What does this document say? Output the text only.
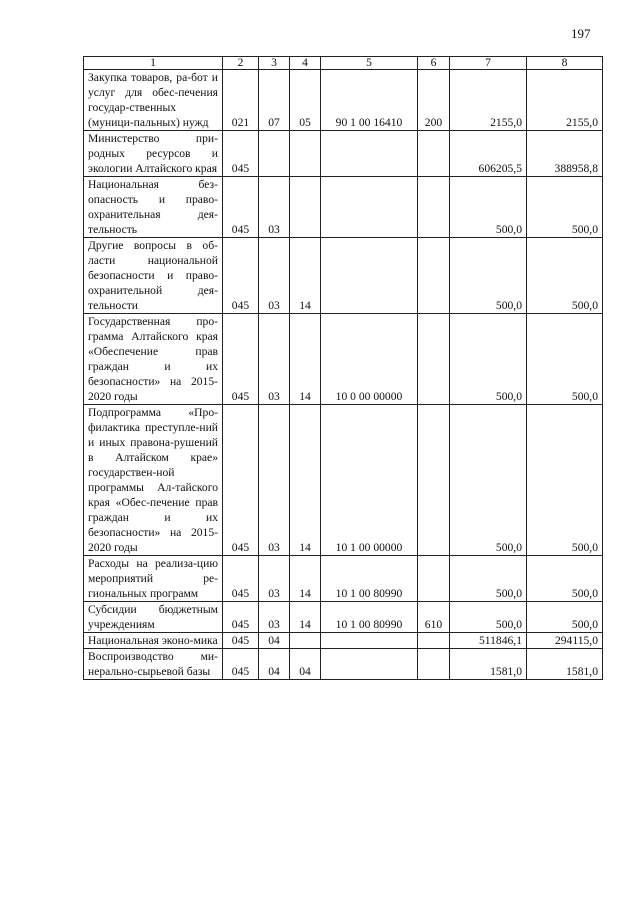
197
1	2	3	4	5	6	7	8
Закупка товаров, ра-бот и услуг для обес-печения государ-ственных (муници-пальных) нужд	021	07	05	90 1 00 16410	200	2155,0	2155,0
Министерство при-родных ресурсов и экологии Алтайского края	045					606205,5	388958,8
Национальная без-опасность и право-охранительная дея-тельность	045	03				500,0	500,0
Другие вопросы в об-ласти национальной безопасности и право-охранительной дея-тельности	045	03	14			500,0	500,0
Государственная про-грамма Алтайского края «Обеспечение прав граждан и их безопасности» на 2015-2020 годы	045	03	14	10 0 00 00000		500,0	500,0
Подпрограмма «Про-филактика преступле-ний и иных правона-рушений в Алтайском крае» государствен-ной программы Ал-тайского края «Обес-печение прав граждан и их безопасности» на 2015-2020 годы	045	03	14	10 1 00 00000		500,0	500,0
Расходы на реализа-цию мероприятий ре-гиональных программ	045	03	14	10 1 00 80990		500,0	500,0
Субсидии бюджетным учреждениям	045	03	14	10 1 00 80990	610	500,0	500,0
Национальная эконо-мика	045	04				511846,1	294115,0
Воспроизводство ми-нерально-сырьевой базы	045	04	04			1581,0	1581,0
